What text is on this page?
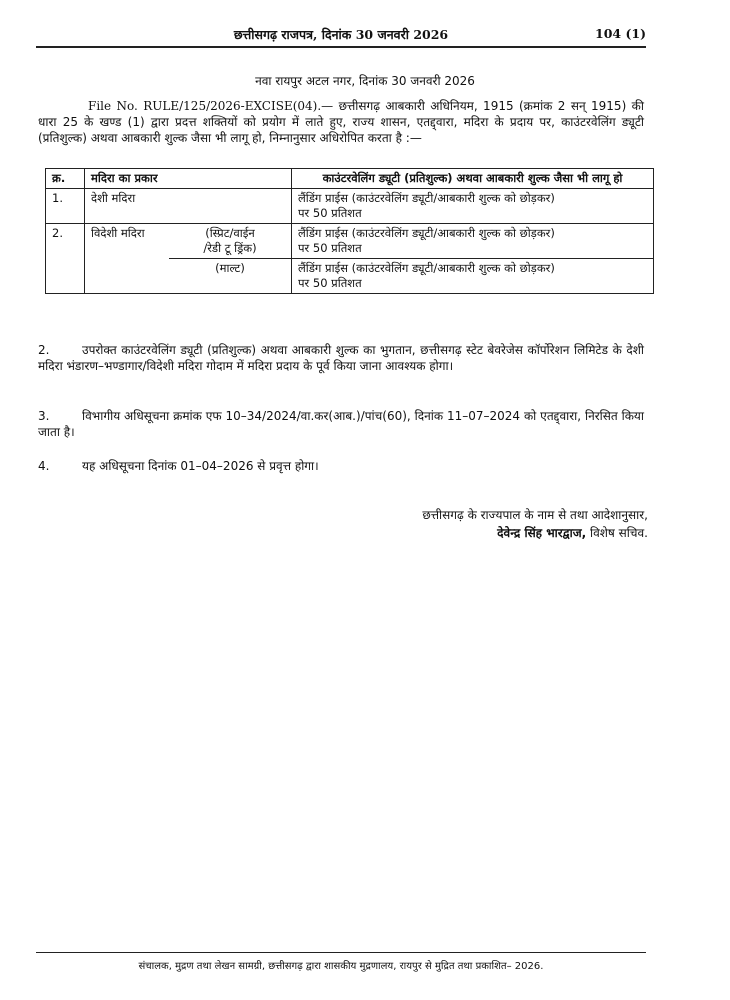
छत्तीसगढ़ राजपत्र, दिनांक 30 जनवरी 2026	104 (1)
नवा रायपुर अटल नगर, दिनांक 30 जनवरी 2026
File No. RULE/125/2026-EXCISE(04).— छत्तीसगढ़ आबकारी अधिनियम, 1915 (क्रमांक 2 सन् 1915) की धारा 25 के खण्ड (1) द्वारा प्रदत्त शक्तियों को प्रयोग में लाते हुए, राज्य शासन, एतद्द्वारा, मदिरा के प्रदाय पर, काउंटरवेलिंग ड्यूटी (प्रतिशुल्क) अथवा आबकारी शुल्क जैसा भी लागू हो, निम्नानुसार अधिरोपित करता है :—
क्र.	मदिरा का प्रकार		काउंटरवेलिंग ड्यूटी (प्रतिशुल्क) अथवा आबकारी शुल्क जैसा भी लागू हो
1.	देशी मदिरा		लैंडिंग प्राईस (काउंटरवेलिंग ड्यूटी/आबकारी शुल्क को छोड़कर)
पर 50 प्रतिशत
2.	विदेशी मदिरा	(स्प्रिट/वाईन
/रेडी टू ड्रिंक)	लैंडिंग प्राईस (काउंटरवेलिंग ड्यूटी/आबकारी शुल्क को छोड़कर)
पर 50 प्रतिशत
		(माल्ट)	लैंडिंग प्राईस (काउंटरवेलिंग ड्यूटी/आबकारी शुल्क को छोड़कर)
पर 50 प्रतिशत
2.	उपरोक्त काउंटरवेलिंग ड्यूटी (प्रतिशुल्क) अथवा आबकारी शुल्क का भुगतान, छत्तीसगढ़ स्टेट बेवरेजेस कॉर्पोरेशन लिमिटेड के देशी मदिरा भंडारण–भण्डागार/विदेशी मदिरा गोदाम में मदिरा प्रदाय के पूर्व किया जाना आवश्यक होगा।
3.	विभागीय अधिसूचना क्रमांक एफ 10–34/2024/वा.कर(आब.)/पांच(60), दिनांक 11–07–2024 को एतद्द्वारा, निरसित किया जाता है।
4.	यह अधिसूचना दिनांक 01–04–2026 से प्रवृत्त होगा।
छत्तीसगढ़ के राज्यपाल के नाम से तथा आदेशानुसार,
देवेन्द्र सिंह भारद्वाज, विशेष सचिव.
संचालक, मुद्रण तथा लेखन सामग्री, छत्तीसगढ़ द्वारा शासकीय मुद्रणालय, रायपुर से मुद्रित तथा प्रकाशित– 2026.
